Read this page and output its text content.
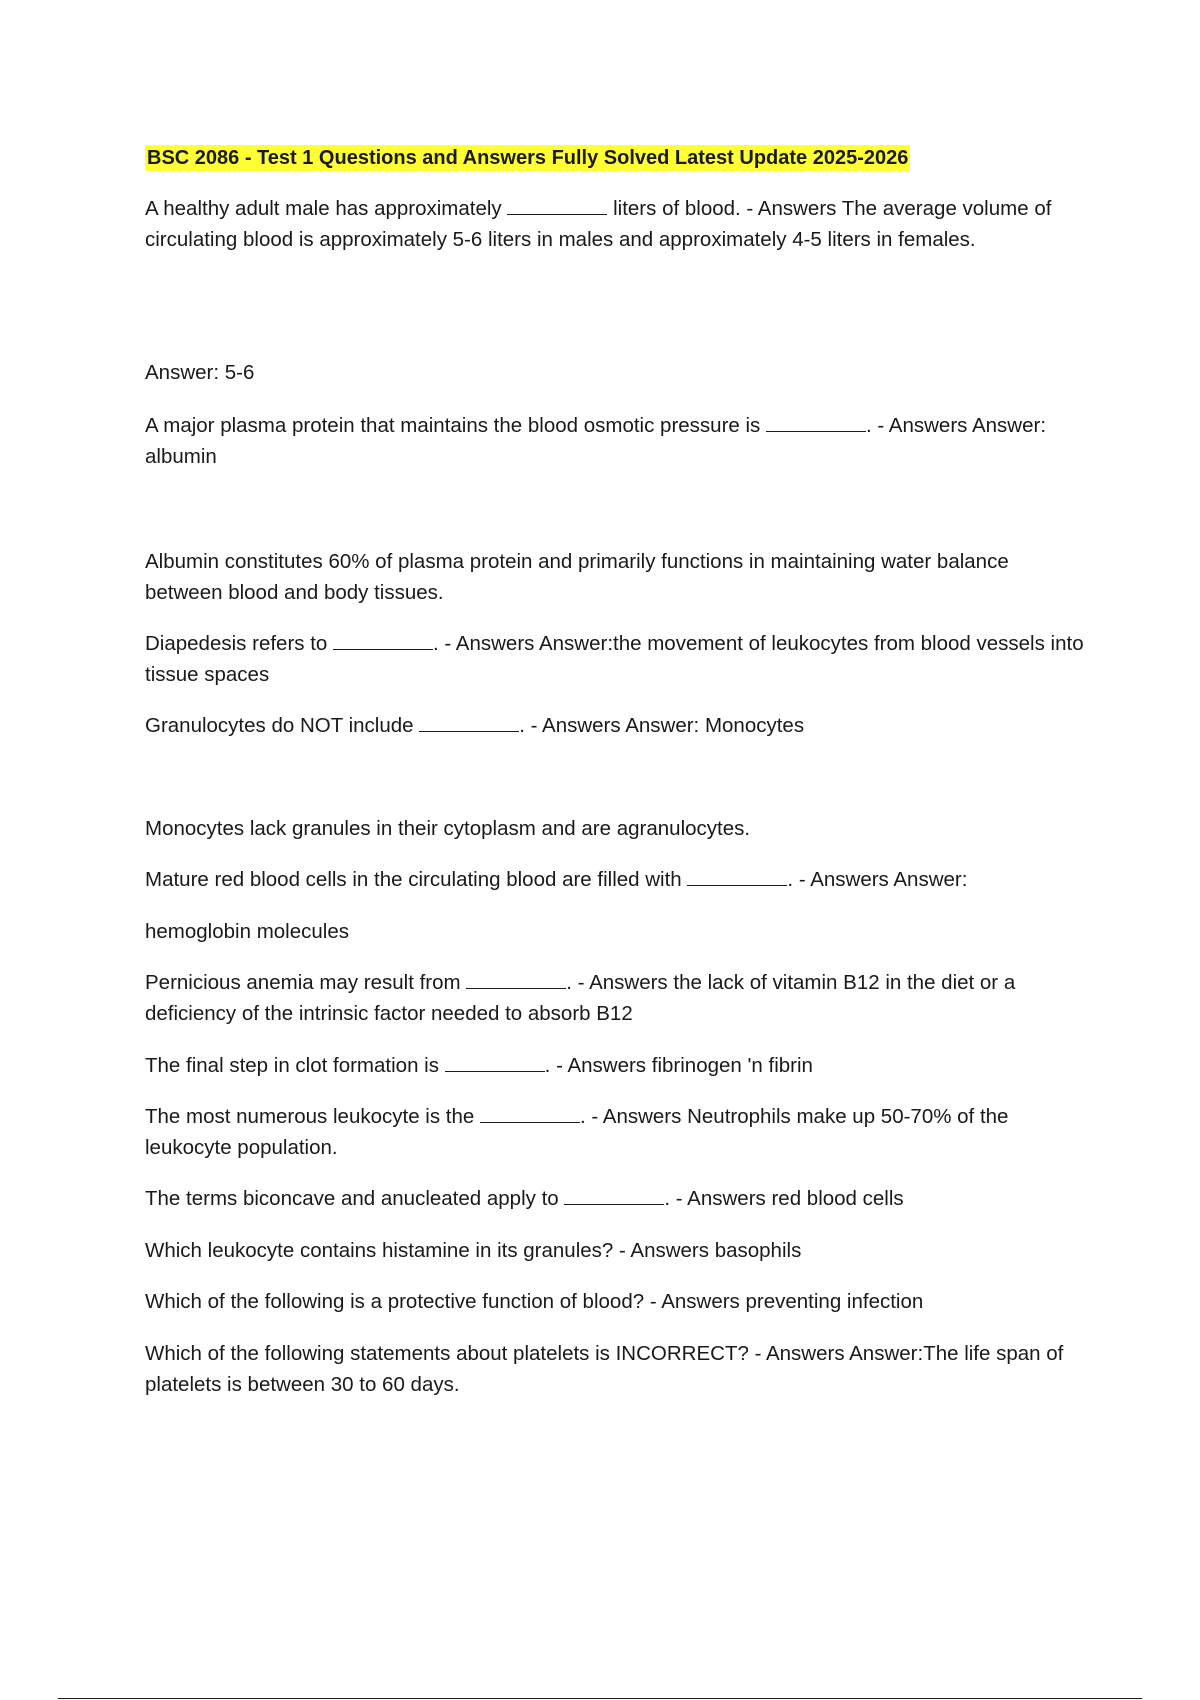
BSC 2086 - Test 1 Questions and Answers Fully Solved Latest Update 2025-2026
A healthy adult male has approximately	liters of blood. - Answers The average volume of circulating blood is approximately 5-6 liters in males and approximately 4-5 liters in females.
Answer: 5-6
A major plasma protein that maintains the blood osmotic pressure is	. - Answers Answer: albumin
Albumin constitutes 60% of plasma protein and primarily functions in maintaining water balance between blood and body tissues.
Diapedesis refers to	. - Answers Answer:the movement of leukocytes from blood vessels into tissue spaces
Granulocytes do NOT include	. - Answers Answer: Monocytes
Monocytes lack granules in their cytoplasm and are agranulocytes.
Mature red blood cells in the circulating blood are filled with	. - Answers Answer:
hemoglobin molecules
Pernicious anemia may result from	. - Answers the lack of vitamin B12 in the diet or a deficiency of the intrinsic factor needed to absorb B12
The final step in clot formation is	. - Answers fibrinogen 'n fibrin
The most numerous leukocyte is the	. - Answers Neutrophils make up 50-70% of the leukocyte population.
The terms biconcave and anucleated apply to	. - Answers red blood cells
Which leukocyte contains histamine in its granules? - Answers basophils
Which of the following is a protective function of blood? - Answers preventing infection
Which of the following statements about platelets is INCORRECT? - Answers Answer:The life span of platelets is between 30 to 60 days.
